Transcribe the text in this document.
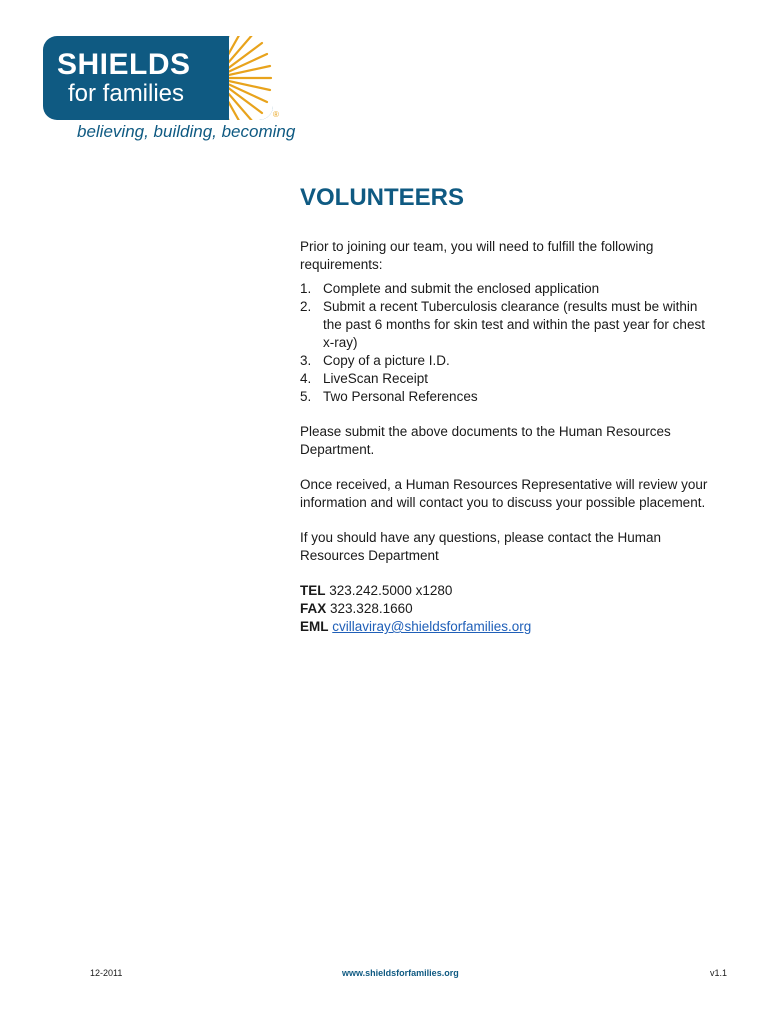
SHIELDS
for families
®
believing, building, becoming
VOLUNTEERS

Prior to joining our team, you will need to fulfill the following requirements:

1. Complete and submit the enclosed application
2. Submit a recent Tuberculosis clearance (results must be within the past 6 months for skin test and within the past year for chest x-ray)
3. Copy of a picture I.D.
4. LiveScan Receipt
5. Two Personal References

Please submit the above documents to the Human Resources Department.

Once received, a Human Resources Representative will review your information and will contact you to discuss your possible placement.

If you should have any questions, please contact the Human Resources Department

TEL 323.242.5000 x1280
FAX 323.328.1660
EML cvillaviray@shieldsforfamilies.org
12-2011	www.shieldsforfamilies.org	v1.1
